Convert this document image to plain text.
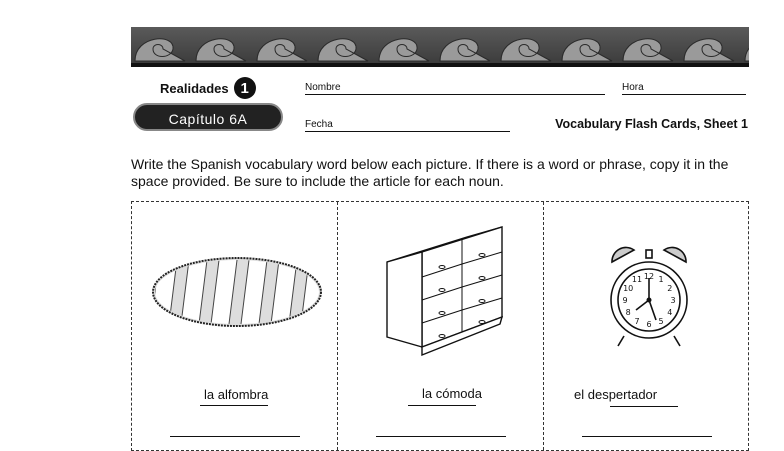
Realidades 1
Capítulo 6A
Nombre	Hora
Fecha	Vocabulary Flash Cards, Sheet 1
Write the Spanish vocabulary word below each picture. If there is a word or phrase, copy it in the space provided. Be sure to include the article for each noun.
la alfombra	la cómoda
1
2
3
4
5
6
7
8
9
10
11 12
el despertador
